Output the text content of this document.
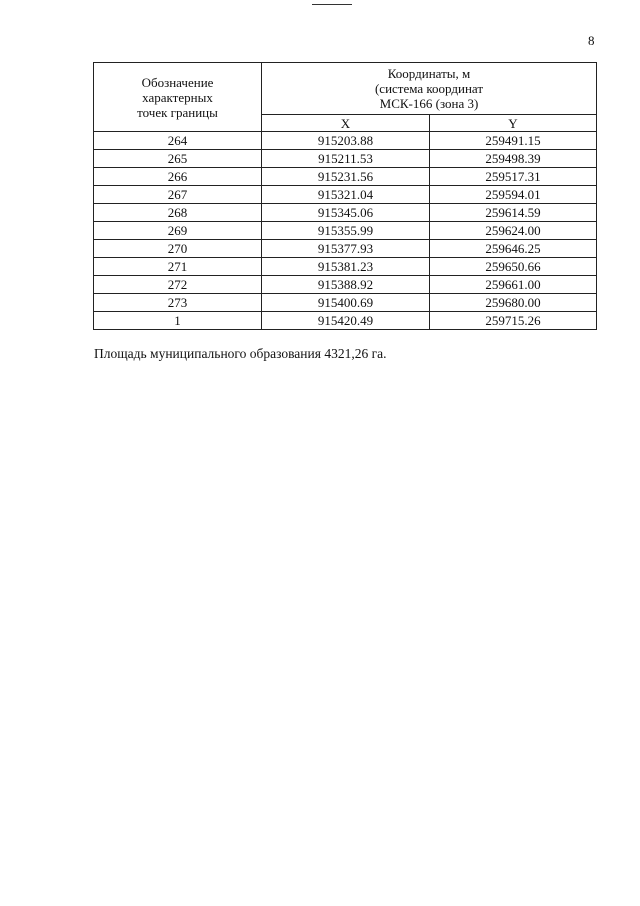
8
Обозначение
характерных
точек границы	Координаты, м
(система координат
МСК-166 (зона 3)	
	X	Y
264	915203.88	259491.15
265	915211.53	259498.39
266	915231.56	259517.31
267	915321.04	259594.01
268	915345.06	259614.59
269	915355.99	259624.00
270	915377.93	259646.25
271	915381.23	259650.66
272	915388.92	259661.00
273	915400.69	259680.00
1	915420.49	259715.26
Площадь муниципального образования 4321,26 га.
